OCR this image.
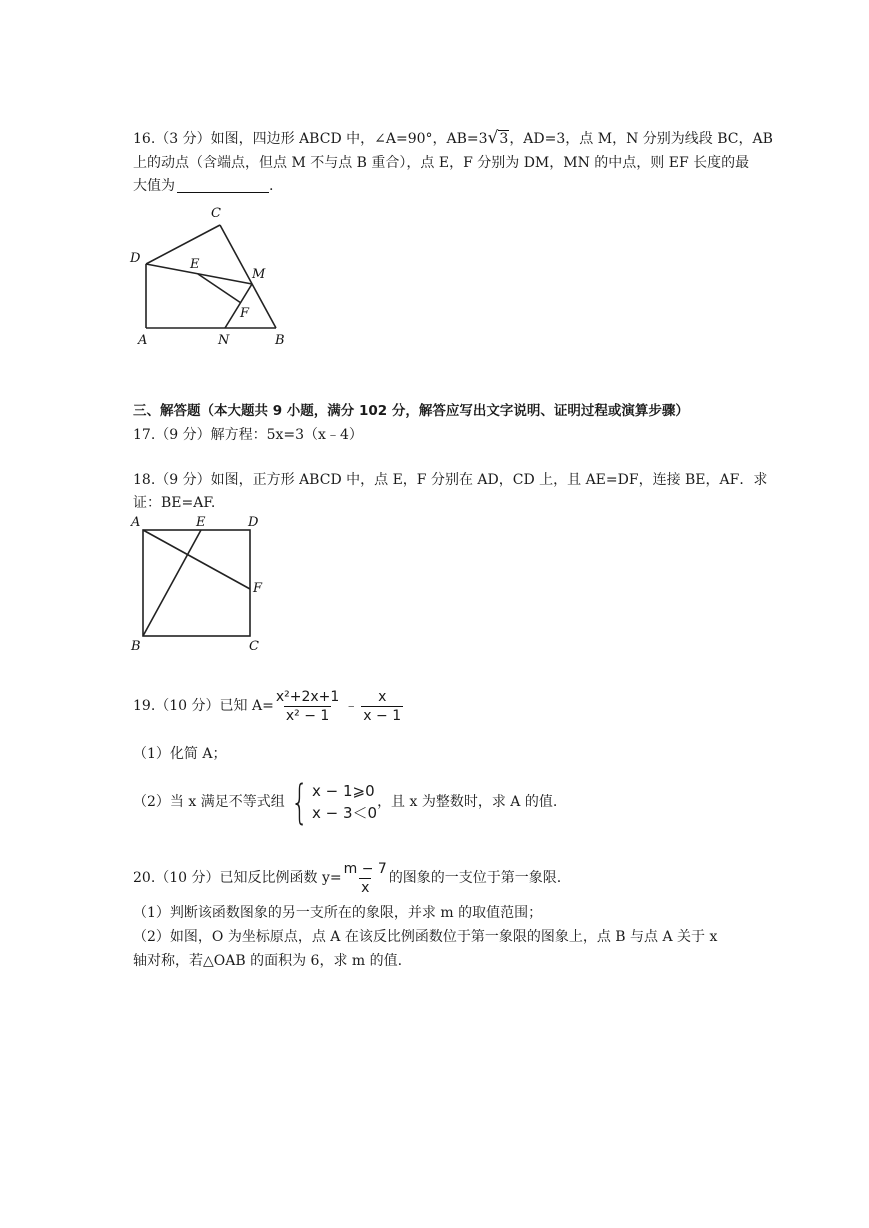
16.（3 分）如图，四边形 ABCD 中，∠A=90°，AB=3√3，AD=3，点 M，N 分别为线段 BC，AB
上的动点（含端点，但点 M 不与点 B 重合），点 E，F 分别为 DM，MN 的中点，则 EF 长度的最
大值为	.
C
D	E
M
F
A	N	B
三、解答题（本大题共 9 小题，满分 102 分，解答应写出文字说明、证明过程或演算步骤）
17.（9 分）解方程：5x=3（x﹣4）
18.（9 分）如图，正方形 ABCD 中，点 E，F 分别在 AD，CD 上，且 AE=DF，连接 BE，AF．求
证：BE=AF.
A	E	D
F
B	C
19.（10 分）已知 $A= \frac{\text{x²+2x+1}}{\text{x² − 1}}$ ﹣ $\frac{x}{x - 1}$
（1）化简 A；
（2）当 x 满足不等式组 { x − 1⩾0
x − 3＜0
，且 x 为整数时，求 A 的值.
20.（10 分）已知反比例函数 $y= \frac{m - 7}{x}$ 的图象的一支位于第一象限.
（1）判断该函数图象的另一支所在的象限，并求 m 的取值范围；
（2）如图，O 为坐标原点，点 A 在该反比例函数位于第一象限的图象上，点 B 与点 A 关于 x
轴对称，若△OAB 的面积为 6，求 m 的值.
